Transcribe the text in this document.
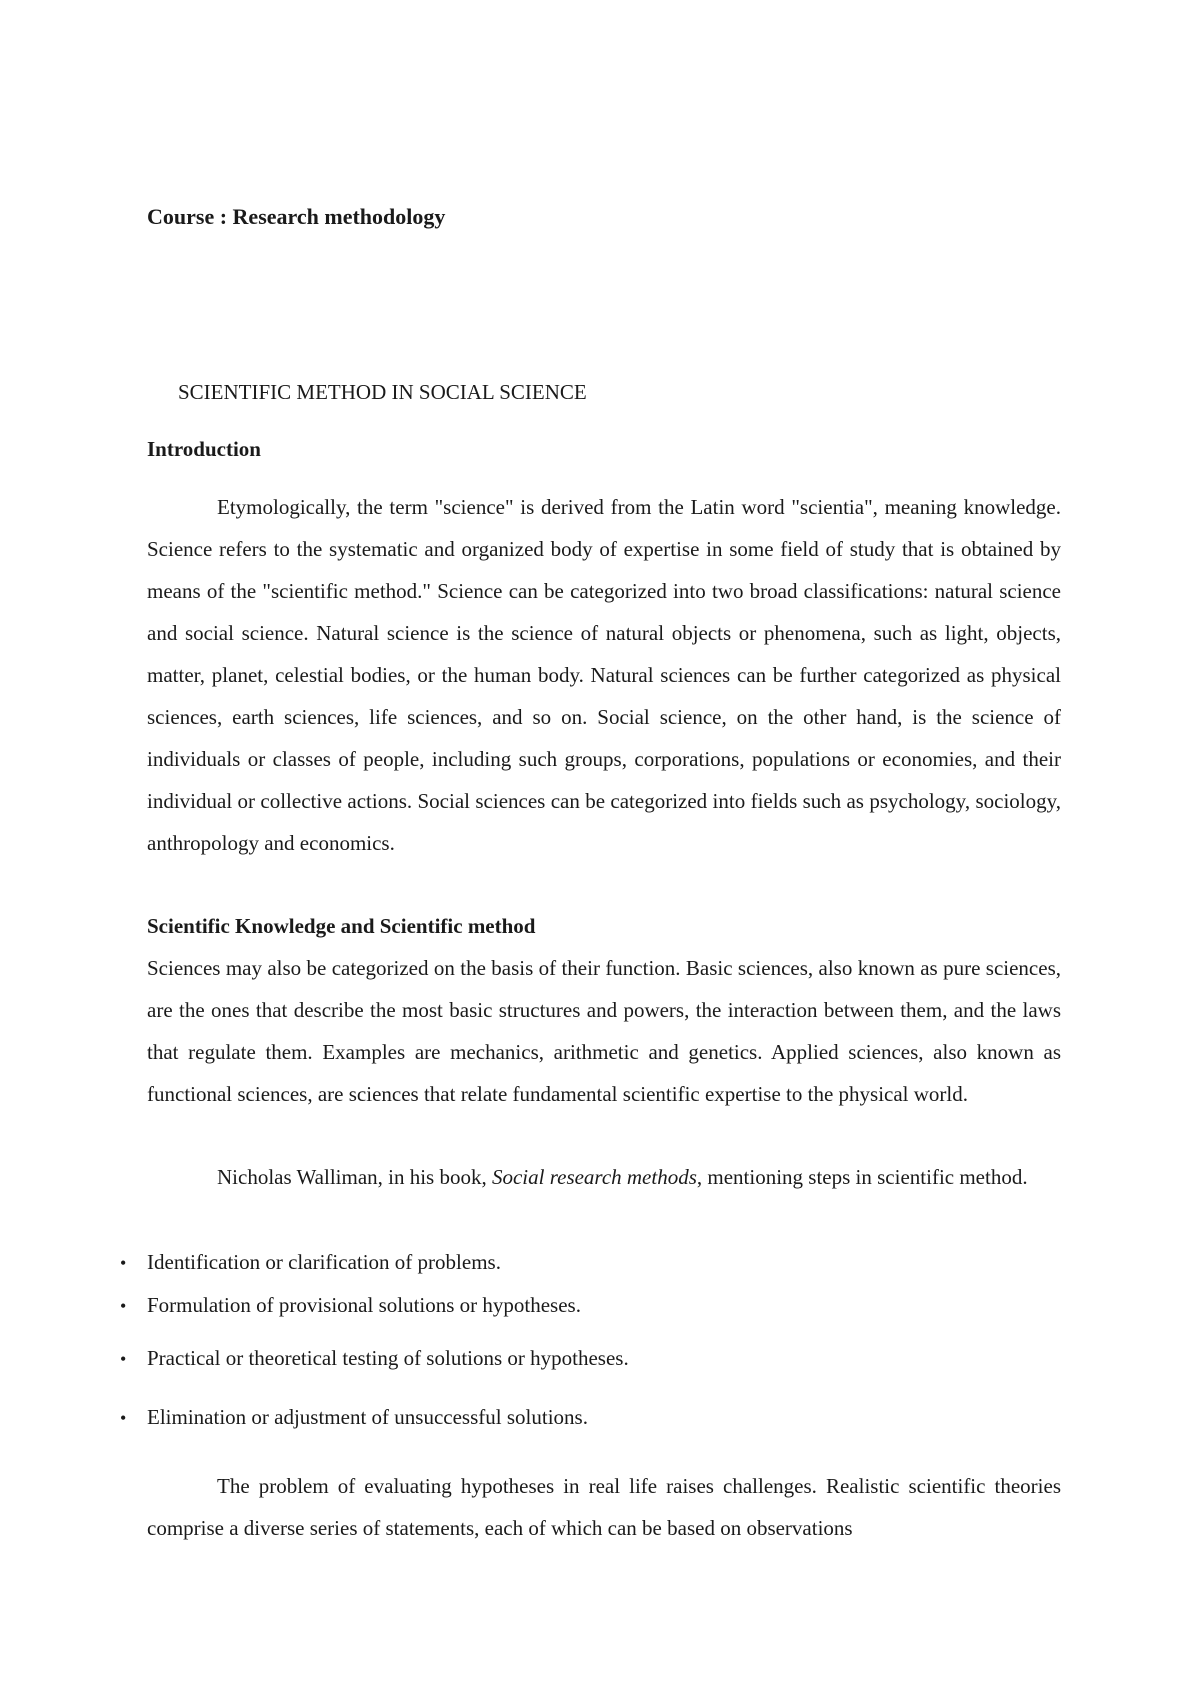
Course : Research methodology
SCIENTIFIC METHOD IN SOCIAL SCIENCE
Introduction

Etymologically, the term "science" is derived from the Latin word "scientia", meaning knowledge. Science refers to the systematic and organized body of expertise in some field of study that is obtained by means of the "scientific method." Science can be categorized into two broad classifications: natural science and social science. Natural science is the science of natural objects or phenomena, such as light, objects, matter, planet, celestial bodies, or the human body. Natural sciences can be further categorized as physical sciences, earth sciences, life sciences, and so on. Social science, on the other hand, is the science of individuals or classes of people, including such groups, corporations, populations or economies, and their individual or collective actions. Social sciences can be categorized into fields such as psychology, sociology, anthropology and economics.

Scientific Knowledge and Scientific method

Sciences may also be categorized on the basis of their function. Basic sciences, also known as pure sciences, are the ones that describe the most basic structures and powers, the interaction between them, and the laws that regulate them. Examples are mechanics, arithmetic and genetics. Applied sciences, also known as functional sciences, are sciences that relate fundamental scientific expertise to the physical world.

Nicholas Walliman, in his book, Social research methods, mentioning steps in scientific method.

• Identification or clarification of problems.
• Formulation of provisional solutions or hypotheses.
• Practical or theoretical testing of solutions or hypotheses.
• Elimination or adjustment of unsuccessful solutions.

The problem of evaluating hypotheses in real life raises challenges. Realistic scientific theories comprise a diverse series of statements, each of which can be based on observations
